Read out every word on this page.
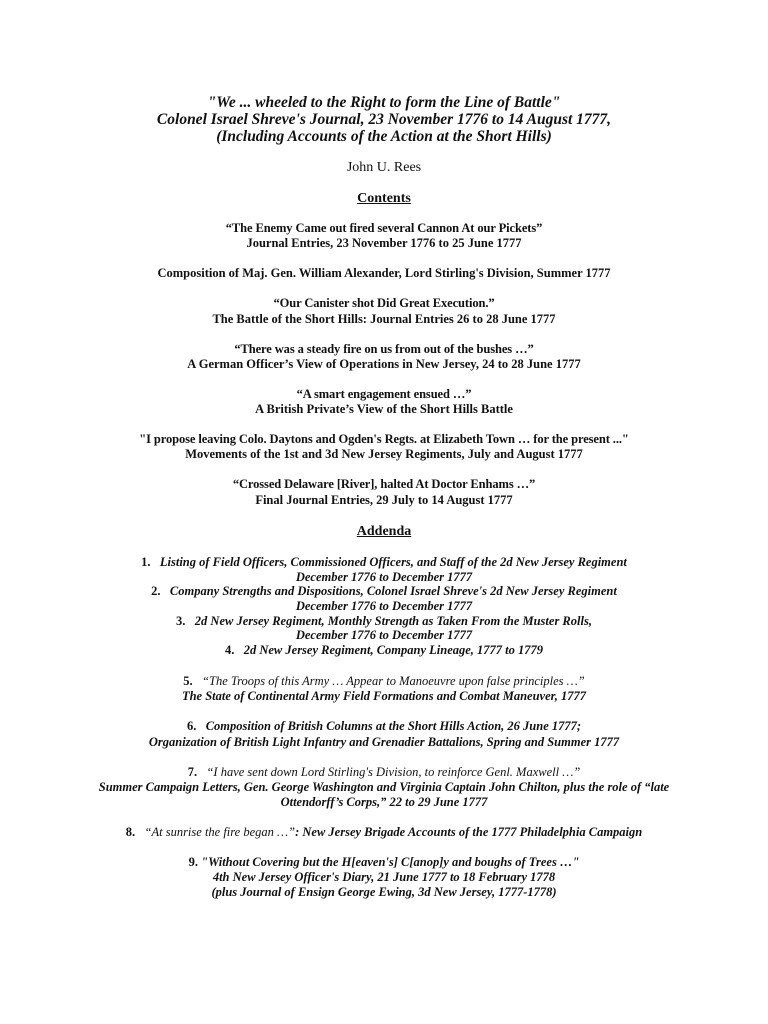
"We ... wheeled to the Right to form the Line of Battle"
Colonel Israel Shreve's Journal, 23 November 1776 to 14 August 1777,
(Including Accounts of the Action at the Short Hills)
John U. Rees
Contents
“The Enemy Came out fired several Cannon At our Pickets”
Journal Entries, 23 November 1776 to 25 June 1777
Composition of Maj. Gen. William Alexander, Lord Stirling's Division, Summer 1777
“Our Canister shot Did Great Execution.”
The Battle of the Short Hills: Journal Entries 26 to 28 June 1777
“There was a steady fire on us from out of the bushes …”
A German Officer’s View of Operations in New Jersey, 24 to 28 June 1777
“A smart engagement ensued …”
A British Private’s View of the Short Hills Battle
"I propose leaving Colo. Daytons and Ogden's Regts. at Elizabeth Town … for the present ..."
Movements of the 1st and 3d New Jersey Regiments, July and August 1777
“Crossed Delaware [River], halted At Doctor Enhams …”
Final Journal Entries, 29 July to 14 August 1777
Addenda
1. Listing of Field Officers, Commissioned Officers, and Staff of the 2d New Jersey Regiment
December 1776 to December 1777
2. Company Strengths and Dispositions, Colonel Israel Shreve's 2d New Jersey Regiment
December 1776 to December 1777
3. 2d New Jersey Regiment, Monthly Strength as Taken From the Muster Rolls,
December 1776 to December 1777
4. 2d New Jersey Regiment, Company Lineage, 1777 to 1779
5. “The Troops of this Army … Appear to Manoeuvre upon false principles …”
The State of Continental Army Field Formations and Combat Maneuver, 1777
6. Composition of British Columns at the Short Hills Action, 26 June 1777;
Organization of British Light Infantry and Grenadier Battalions, Spring and Summer 1777
7. “I have sent down Lord Stirling's Division, to reinforce Genl. Maxwell …”
Summer Campaign Letters, Gen. George Washington and Virginia Captain John Chilton, plus the role of “late
Ottendorff’s Corps,” 22 to 29 June 1777
8. “At sunrise the fire began …”: New Jersey Brigade Accounts of the 1777 Philadelphia Campaign
9. "Without Covering but the H[eaven's] C[anop]y and boughs of Trees …"
4th New Jersey Officer's Diary, 21 June 1777 to 18 February 1778
(plus Journal of Ensign George Ewing, 3d New Jersey, 1777-1778)
